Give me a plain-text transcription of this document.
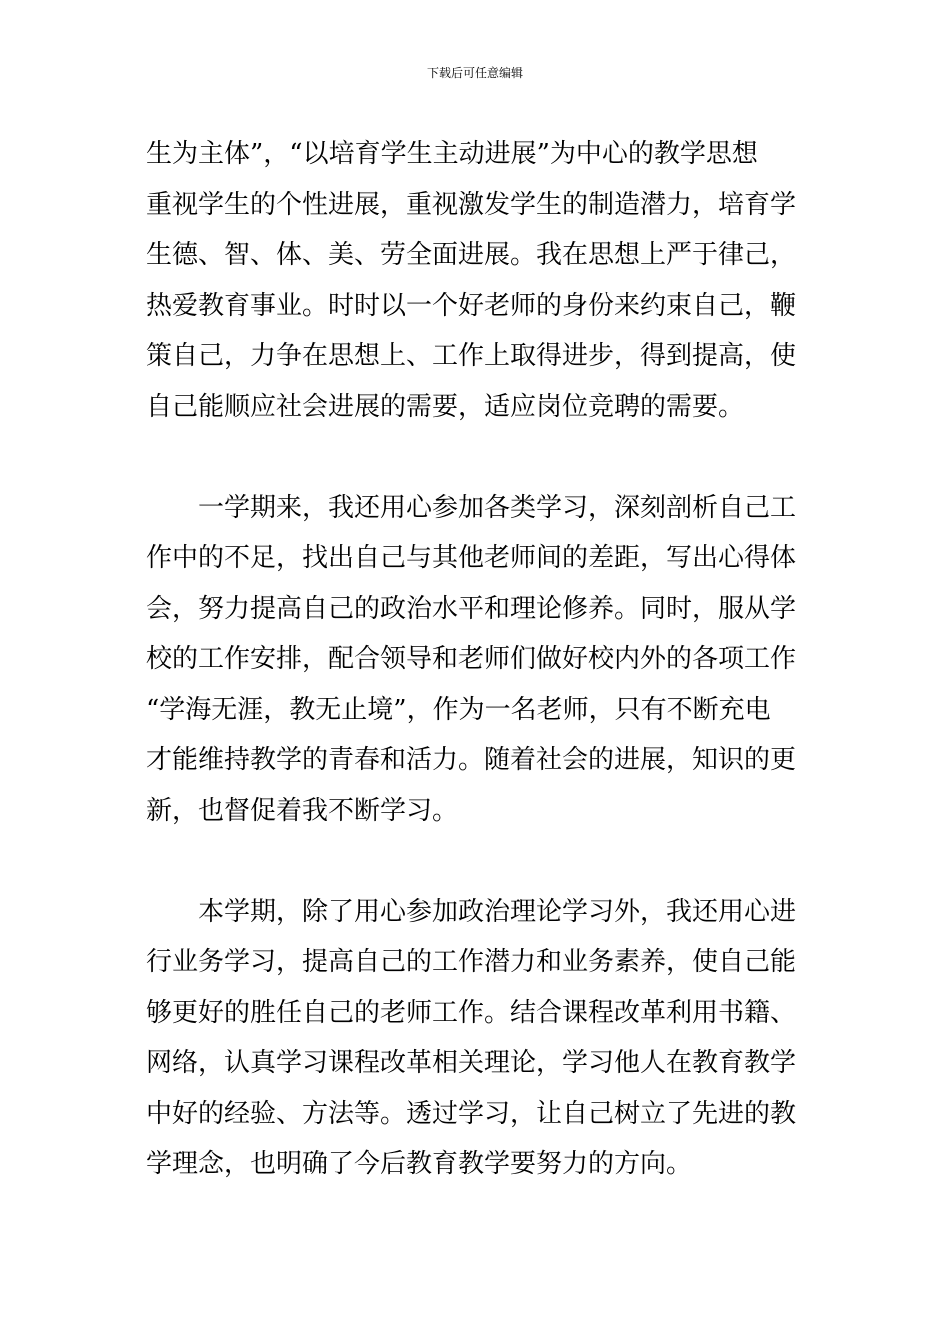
下载后可任意编辑
生为主体”，“以培育学生主动进展”为中心的教学思想
重视学生的个性进展，重视激发学生的制造潜力，培育学
生德、智、体、美、劳全面进展。我在思想上严于律己，
热爱教育事业。时时以一个好老师的身份来约束自己，鞭
策自己，力争在思想上、工作上取得进步，得到提高，使
自己能顺应社会进展的需要，适应岗位竞聘的需要。
一学期来，我还用心参加各类学习，深刻剖析自己工
作中的不足，找出自己与其他老师间的差距，写出心得体
会，努力提高自己的政治水平和理论修养。同时，服从学
校的工作安排，配合领导和老师们做好校内外的各项工作
“学海无涯，教无止境”，作为一名老师，只有不断充电
才能维持教学的青春和活力。随着社会的进展，知识的更
新，也督促着我不断学习。
本学期，除了用心参加政治理论学习外，我还用心进
行业务学习，提高自己的工作潜力和业务素养，使自己能
够更好的胜任自己的老师工作。结合课程改革利用书籍、
网络，认真学习课程改革相关理论，学习他人在教育教学
中好的经验、方法等。透过学习，让自己树立了先进的教
学理念，也明确了今后教育教学要努力的方向。
